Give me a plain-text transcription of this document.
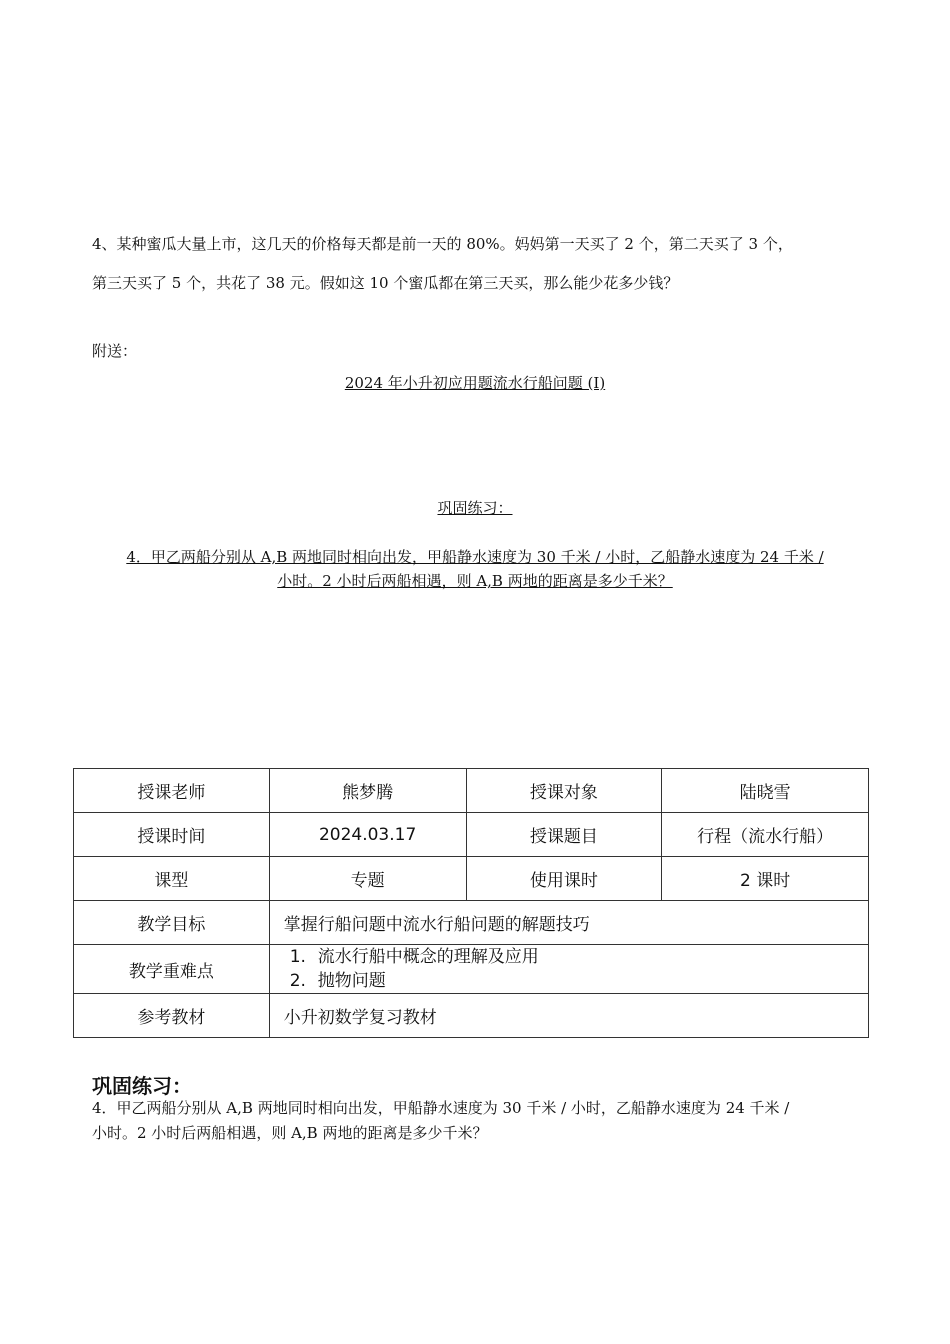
4、某种蜜瓜大量上市，这几天的价格每天都是前一天的 80%。妈妈第一天买了 2 个，第二天买了 3 个，
第三天买了 5 个，共花了 38 元。假如这 10 个蜜瓜都在第三天买，那么能少花多少钱？
附送：
2024 年小升初应用题流水行船问题 (I)
巩固练习：
4．甲乙两船分别从 A,B 两地同时相向出发，甲船静水速度为 30 千米 / 小时，乙船静水速度为 24 千米 /
小时。2 小时后两船相遇，则 A,B 两地的距离是多少千米？
授课老师	熊梦腾	授课对象	陆晓雪
授课时间	2024.03.17	授课题目	行程（流水行船）
课型	专题	使用课时	2 课时
教学目标	掌握行船问题中流水行船问题的解题技巧		
教学重难点	1. 流水行船中概念的理解及应用
2. 抛物问题		

参考教材	小升初数学复习教材		
巩固练习：
4．甲乙两船分别从 A,B 两地同时相向出发，甲船静水速度为 30 千米 / 小时，乙船静水速度为 24 千米 /
小时。2 小时后两船相遇，则 A,B 两地的距离是多少千米？
